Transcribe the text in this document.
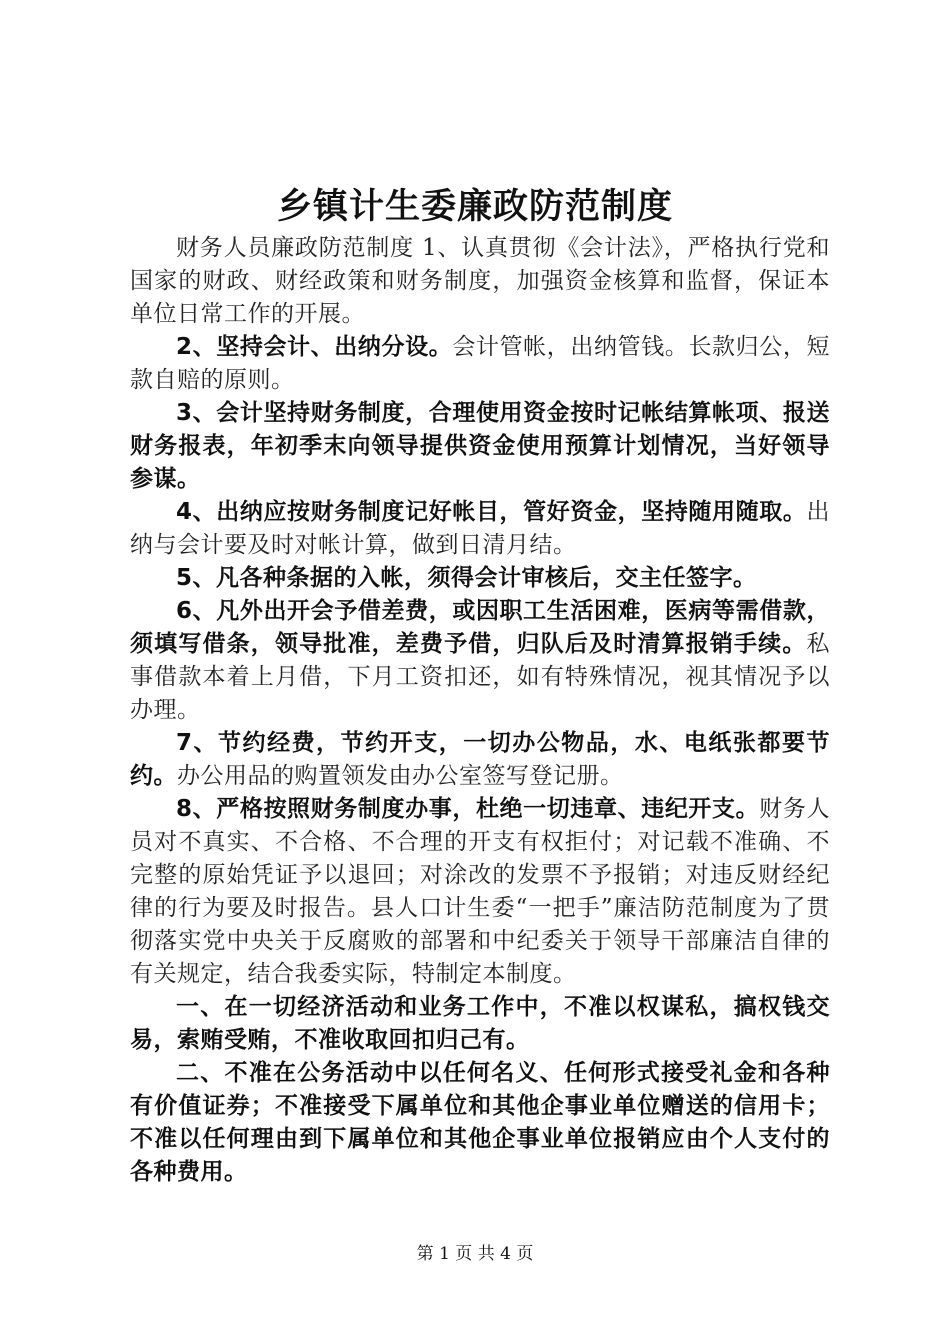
乡镇计生委廉政防范制度

财务人员廉政防范制度 1、认真贯彻《会计法》，严格执行党和国家的财政、财经政策和财务制度，加强资金核算和监督，保证本单位日常工作的开展。

2、坚持会计、出纳分设。会计管帐，出纳管钱。长款归公，短款自赔的原则。

3、会计坚持财务制度，合理使用资金按时记帐结算帐项、报送财务报表，年初季末向领导提供资金使用预算计划情况，当好领导参谋。

4、出纳应按财务制度记好帐目，管好资金，坚持随用随取。出纳与会计要及时对帐计算，做到日清月结。

5、凡各种条据的入帐，须得会计审核后，交主任签字。

6、凡外出开会予借差费，或因职工生活困难，医病等需借款，须填写借条，领导批准，差费予借，归队后及时清算报销手续。私事借款本着上月借，下月工资扣还，如有特殊情况，视其情况予以办理。

7、节约经费，节约开支，一切办公物品，水、电纸张都要节约。办公用品的购置领发由办公室签写登记册。

8、严格按照财务制度办事，杜绝一切违章、违纪开支。财务人员对不真实、不合格、不合理的开支有权拒付；对记载不准确、不完整的原始凭证予以退回；对涂改的发票不予报销；对违反财经纪律的行为要及时报告。县人口计生委“一把手”廉洁防范制度为了贯彻落实党中央关于反腐败的部署和中纪委关于领导干部廉洁自律的有关规定，结合我委实际，特制定本制度。

一、在一切经济活动和业务工作中，不准以权谋私，搞权钱交易，索贿受贿，不准收取回扣归己有。

二、不准在公务活动中以任何名义、任何形式接受礼金和各种有价值证券；不准接受下属单位和其他企事业单位赠送的信用卡；不准以任何理由到下属单位和其他企事业单位报销应由个人支付的各种费用。

第 1 页 共 4 页
